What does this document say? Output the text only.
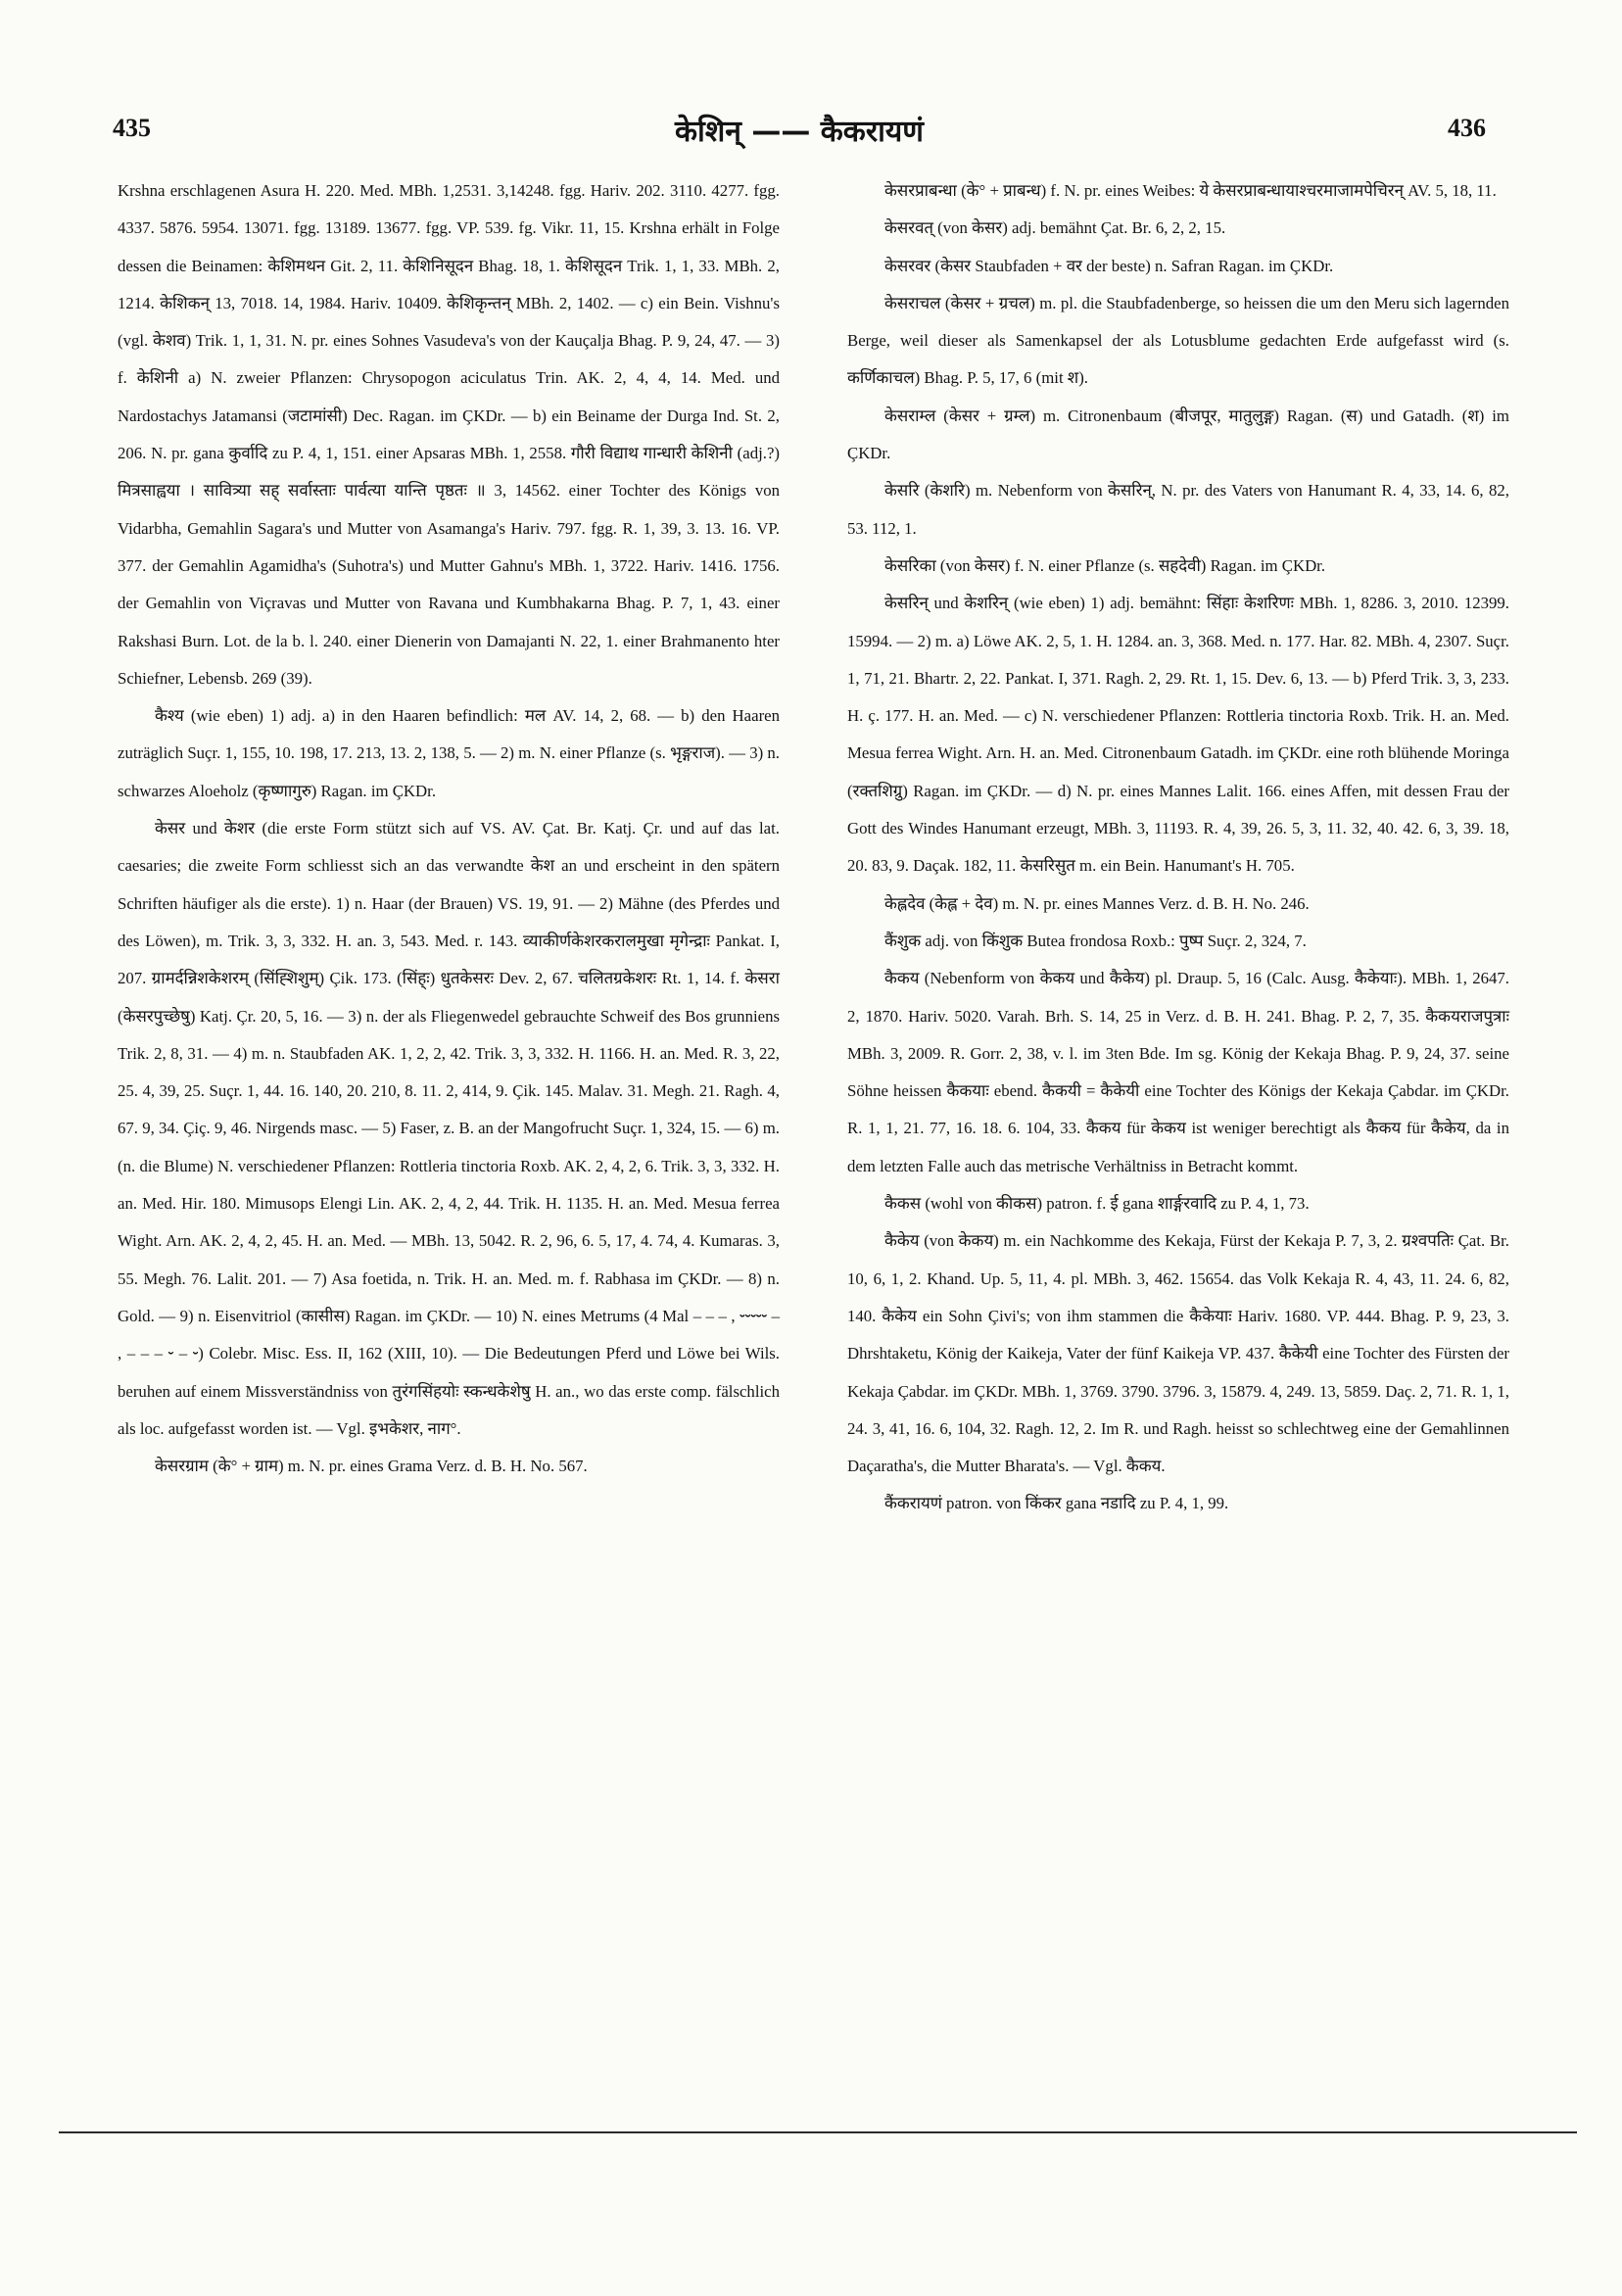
435	केशिन् —— कैकरायणं	436

Krshna erschlagenen Asura H. 220. Med. MBh. 1,2531. 3,14248. fgg. Hariv. 202. 3110. 4277. fgg. 4337. 5876. 5954. 13071. fgg. 13189. 13677. fgg. VP. 539. fg. Vikr. 11, 15. Krshna erhält in Folge dessen die Beinamen: केशिमथन Git. 2, 11. केशिनिसूदन Bhag. 18, 1. केशिसूदन Trik. 1, 1, 33. MBh. 2, 1214. केशिकन् 13, 7018. 14, 1984. Hariv. 10409. केशिकृन्तन् MBh. 2, 1402. — c) ein Bein. Vishnu's (vgl. केशव) Trik. 1, 1, 31. N. pr. eines Sohnes Vasudeva's von der Kauçalja Bhag. P. 9, 24, 47. — 3) f. केशिनी a) N. zweier Pflanzen: Chrysopogon aciculatus Trin. AK. 2, 4, 4, 14. Med. und Nardostachys Jatamansi (जटामांसी) Dec. Ragan. im ÇKDr. — b) ein Beiname der Durga Ind. St. 2, 206. N. pr. gana कुर्वादि zu P. 4, 1, 151. einer Apsaras MBh. 1, 2558. गौरी विद्याथ गान्धारी केशिनी (adj.?) मित्रसाह्वया । सावित्र्या सह् सर्वास्ताः पार्वत्या यान्ति पृष्ठतः ॥ 3, 14562. einer Tochter des Königs von Vidarbha, Gemahlin Sagara's und Mutter von Asamanga's Hariv. 797. fgg. R. 1, 39, 3. 13. 16. VP. 377. der Gemahlin Agamidha's (Suhotra's) und Mutter Gahnu's MBh. 1, 3722. Hariv. 1416. 1756. der Gemahlin von Viçravas und Mutter von Ravana und Kumbhakarna Bhag. P. 7, 1, 43. einer Rakshasi Burn. Lot. de la b. l. 240. einer Dienerin von Damajanti N. 22, 1. einer Brahmanento hter Schiefner, Lebensb. 269 (39).

कैश्य (wie eben) 1) adj. a) in den Haaren befindlich: मल AV. 14, 2, 68. — b) den Haaren zuträglich Suçr. 1, 155, 10. 198, 17. 213, 13. 2, 138, 5. — 2) m. N. einer Pflanze (s. भृङ्गराज). — 3) n. schwarzes Aloeholz (कृष्णागुरु) Ragan. im ÇKDr.

केसर und केशर (die erste Form stützt sich auf VS. AV. Çat. Br. Katj. Çr. und auf das lat. caesaries; die zweite Form schliesst sich an das verwandte केश an und erscheint in den spätern Schriften häufiger als die erste). 1) n. Haar (der Brauen) VS. 19, 91. — 2) Mähne (des Pferdes und des Löwen), m. Trik. 3, 3, 332. H. an. 3, 543. Med. r. 143. व्याकीर्णकेशरकरालमुखा मृगेन्द्राः Pankat. I, 207. ग्रामर्दन्निशकेशरम् (सिंह्शिशुम्) Çik. 173. (सिंह्ः) धुतकेसरः Dev. 2, 67. चलितग्रकेशरः Rt. 1, 14. f. केसरा (केसरपुच्छेषु) Katj. Çr. 20, 5, 16. — 3) n. der als Fliegenwedel gebrauchte Schweif des Bos grunniens Trik. 2, 8, 31. — 4) m. n. Staubfaden AK. 1, 2, 2, 42. Trik. 3, 3, 332. H. 1166. H. an. Med. R. 3, 22, 25. 4, 39, 25. Suçr. 1, 44. 16. 140, 20. 210, 8. 11. 2, 414, 9. Çik. 145. Malav. 31. Megh. 21. Ragh. 4, 67. 9, 34. Çiç. 9, 46. Nirgends masc. — 5) Faser, z. B. an der Mangofrucht Suçr. 1, 324, 15. — 6) m. (n. die Blume) N. verschiedener Pflanzen: Rottleria tinctoria Roxb. AK. 2, 4, 2, 6. Trik. 3, 3, 332. H. an. Med. Hir. 180. Mimusops Elengi Lin. AK. 2, 4, 2, 44. Trik. H. 1135. H. an. Med. Mesua ferrea Wight. Arn. AK. 2, 4, 2, 45. H. an. Med. — MBh. 13, 5042. R. 2, 96, 6. 5, 17, 4. 74, 4. Kumaras. 3, 55. Megh. 76. Lalit. 201. — 7) Asa foetida, n. Trik. H. an. Med. m. f. Rabhasa im ÇKDr. — 8) n. Gold. — 9) n. Eisenvitriol (कासीस) Ragan. im ÇKDr. — 10) N. eines Metrums (4 Mal – – – , ⏑⏑⏑⏑⏑ – , – – – ⏑ – ⏑) Colebr. Misc. Ess. II, 162 (XIII, 10). — Die Bedeutungen Pferd und Löwe bei Wils. beruhen auf einem Missverständniss von तुरंगसिंहयोः स्कन्धकेशेषु H. an., wo das erste comp. fälschlich als loc. aufgefasst worden ist. — Vgl. इभकेशर, नाग°.

केसरग्राम (के° + ग्राम) m. N. pr. eines Grama Verz. d. B. H. No. 567.

केसरप्राबन्धा (के° + प्राबन्ध) f. N. pr. eines Weibes: ये केसरप्राबन्धायाश्चरमाजामपेचिरन् AV. 5, 18, 11.

केसरवत् (von केसर) adj. bemähnt Çat. Br. 6, 2, 2, 15.

केसरवर (केसर Staubfaden + वर der beste) n. Safran Ragan. im ÇKDr.

केसराचल (केसर + ग्रचल) m. pl. die Staubfadenberge, so heissen die um den Meru sich lagernden Berge, weil dieser als Samenkapsel der als Lotusblume gedachten Erde aufgefasst wird (s. कर्णिकाचल) Bhag. P. 5, 17, 6 (mit श).

केसराम्ल (केसर + ग्रम्ल) m. Citronenbaum (बीजपूर, मातुलुङ्ग) Ragan. (स) und Gatadh. (श) im ÇKDr.

केसरि (केशरि) m. Nebenform von केसरिन्, N. pr. des Vaters von Hanumant R. 4, 33, 14. 6, 82, 53. 112, 1.

केसरिका (von केसर) f. N. einer Pflanze (s. सहदेवी) Ragan. im ÇKDr.

केसरिन् und केशरिन् (wie eben) 1) adj. bemähnt: सिंहाः केशरिणः MBh. 1, 8286. 3, 2010. 12399. 15994. — 2) m. a) Löwe AK. 2, 5, 1. H. 1284. an. 3, 368. Med. n. 177. Har. 82. MBh. 4, 2307. Suçr. 1, 71, 21. Bhartr. 2, 22. Pankat. I, 371. Ragh. 2, 29. Rt. 1, 15. Dev. 6, 13. — b) Pferd Trik. 3, 3, 233. H. ç. 177. H. an. Med. — c) N. verschiedener Pflanzen: Rottleria tinctoria Roxb. Trik. H. an. Med. Mesua ferrea Wight. Arn. H. an. Med. Citronenbaum Gatadh. im ÇKDr. eine roth blühende Moringa (रक्तशिग्रु) Ragan. im ÇKDr. — d) N. pr. eines Mannes Lalit. 166. eines Affen, mit dessen Frau der Gott des Windes Hanumant erzeugt, MBh. 3, 11193. R. 4, 39, 26. 5, 3, 11. 32, 40. 42. 6, 3, 39. 18, 20. 83, 9. Daçak. 182, 11. केसरिसुत m. ein Bein. Hanumant's H. 705.

केह्लदेव (केह्ल + देव) m. N. pr. eines Mannes Verz. d. B. H. No. 246.

कैंशुक adj. von किंशुक Butea frondosa Roxb.: पुष्प Suçr. 2, 324, 7.

कैकय (Nebenform von केकय und कैकेय) pl. Draup. 5, 16 (Calc. Ausg. कैकेयाः). MBh. 1, 2647. 2, 1870. Hariv. 5020. Varah. Brh. S. 14, 25 in Verz. d. B. H. 241. Bhag. P. 2, 7, 35. कैकयराजपुत्राः MBh. 3, 2009. R. Gorr. 2, 38, v. l. im 3ten Bde. Im sg. König der Kekaja Bhag. P. 9, 24, 37. seine Söhne heissen कैकयाः ebend. कैकयी = कैकेयी eine Tochter des Königs der Kekaja Çabdar. im ÇKDr. R. 1, 1, 21. 77, 16. 18. 6. 104, 33. कैकय für केकय ist weniger berechtigt als कैकय für कैकेय, da in dem letzten Falle auch das metrische Verhältniss in Betracht kommt.

कैकस (wohl von कीकस) patron. f. ई gana शार्ङ्गरवादि zu P. 4, 1, 73.

कैकेय (von केकय) m. ein Nachkomme des Kekaja, Fürst der Kekaja P. 7, 3, 2. ग्रश्वपतिः Çat. Br. 10, 6, 1, 2. Khand. Up. 5, 11, 4. pl. MBh. 3, 462. 15654. das Volk Kekaja R. 4, 43, 11. 24. 6, 82, 140. कैकेय ein Sohn Çivi's; von ihm stammen die कैकेयाः Hariv. 1680. VP. 444. Bhag. P. 9, 23, 3. Dhrshtaketu, König der Kaikeja, Vater der fünf Kaikeja VP. 437. कैकेयी eine Tochter des Fürsten der Kekaja Çabdar. im ÇKDr. MBh. 1, 3769. 3790. 3796. 3, 15879. 4, 249. 13, 5859. Daç. 2, 71. R. 1, 1, 24. 3, 41, 16. 6, 104, 32. Ragh. 12, 2. Im R. und Ragh. heisst so schlechtweg eine der Gemahlinnen Daçaratha's, die Mutter Bharata's. — Vgl. कैकय.

कैंकरायणं patron. von किंकर gana नडादि zu P. 4, 1, 99.
